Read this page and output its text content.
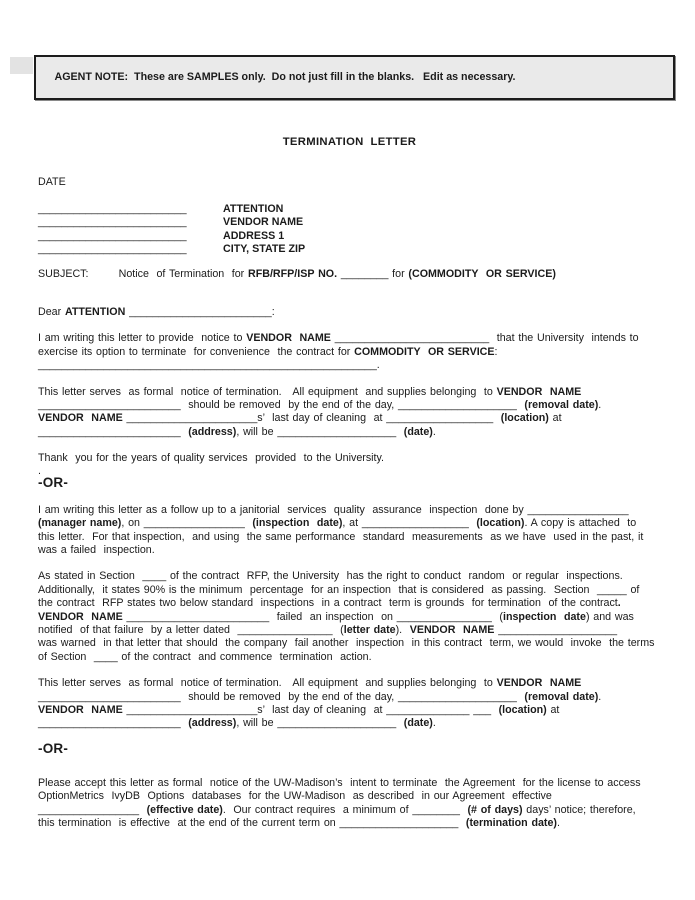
AGENT NOTE:  These are SAMPLES only.  Do not just fill in the blanks.   Edit as necessary.

TERMINATION  LETTER
DATE
_________________________	ATTENTION
_________________________	VENDOR NAME
_________________________	ADDRESS 1
_________________________	CITY, STATE ZIP
SUBJECT:        Notice  of Termination  for RFB/RFP/ISP NO. ________ for (COMMODITY  OR SERVICE)
Dear ATTENTION ________________________:
I am writing this letter to provide  notice to VENDOR  NAME __________________________  that the University  intends to
exercise its option to terminate  for convenience  the contract for COMMODITY  OR SERVICE:
_________________________________________________________.
This letter serves  as formal  notice of termination.   All equipment  and supplies belonging  to VENDOR  NAME
________________________  should be removed  by the end of the day, ____________________  (removal date).
VENDOR  NAME ______________________s’  last day of cleaning  at __________________  (location) at
________________________  (address), will be ____________________  (date).
Thank  you for the years of quality services  provided  to the University.
.
-OR-
I am writing this letter as a follow up to a janitorial  services  quality  assurance  inspection  done by _________________
(manager name), on _________________  (inspection  date), at __________________  (location). A copy is attached  to
this letter.  For that inspection,  and using  the same performance  standard  measurements  as we have  used in the past, it
was a failed  inspection.
As stated in Section  ____ of the contract  RFP, the University  has the right to conduct  random  or regular  inspections.
Additionally,  it states 90% is the minimum  percentage  for an inspection  that is considered  as passing.  Section  _____ of
the contract  RFP states two below standard  inspections  in a contract  term is grounds  for termination  of the contract.
VENDOR  NAME ________________________  failed  an inspection  on ________________  (inspection  date) and was
notified  of that failure  by a letter dated  ________________  (letter date).  VENDOR  NAME ____________________
was warned  in that letter that should  the company  fail another  inspection  in this contract  term, we would  invoke  the terms
of Section  ____ of the contract  and commence  termination  action.
This letter serves  as formal  notice of termination.   All equipment  and supplies belonging  to VENDOR  NAME
________________________  should be removed  by the end of the day, ____________________  (removal date).
VENDOR  NAME ______________________s’  last day of cleaning  at ______________ ___  (location) at
________________________  (address), will be ____________________  (date).
-OR-
Please accept this letter as formal  notice of the UW-Madison’s  intent to terminate  the Agreement  for the license to access
OptionMetrics  IvyDB  Options  databases  for the UW-Madison  as described  in our Agreement  effective
_________________  (effective date).  Our contract requires  a minimum of ________  (# of days) days’ notice; therefore,
this termination  is effective  at the end of the current term on ____________________  (termination date).
